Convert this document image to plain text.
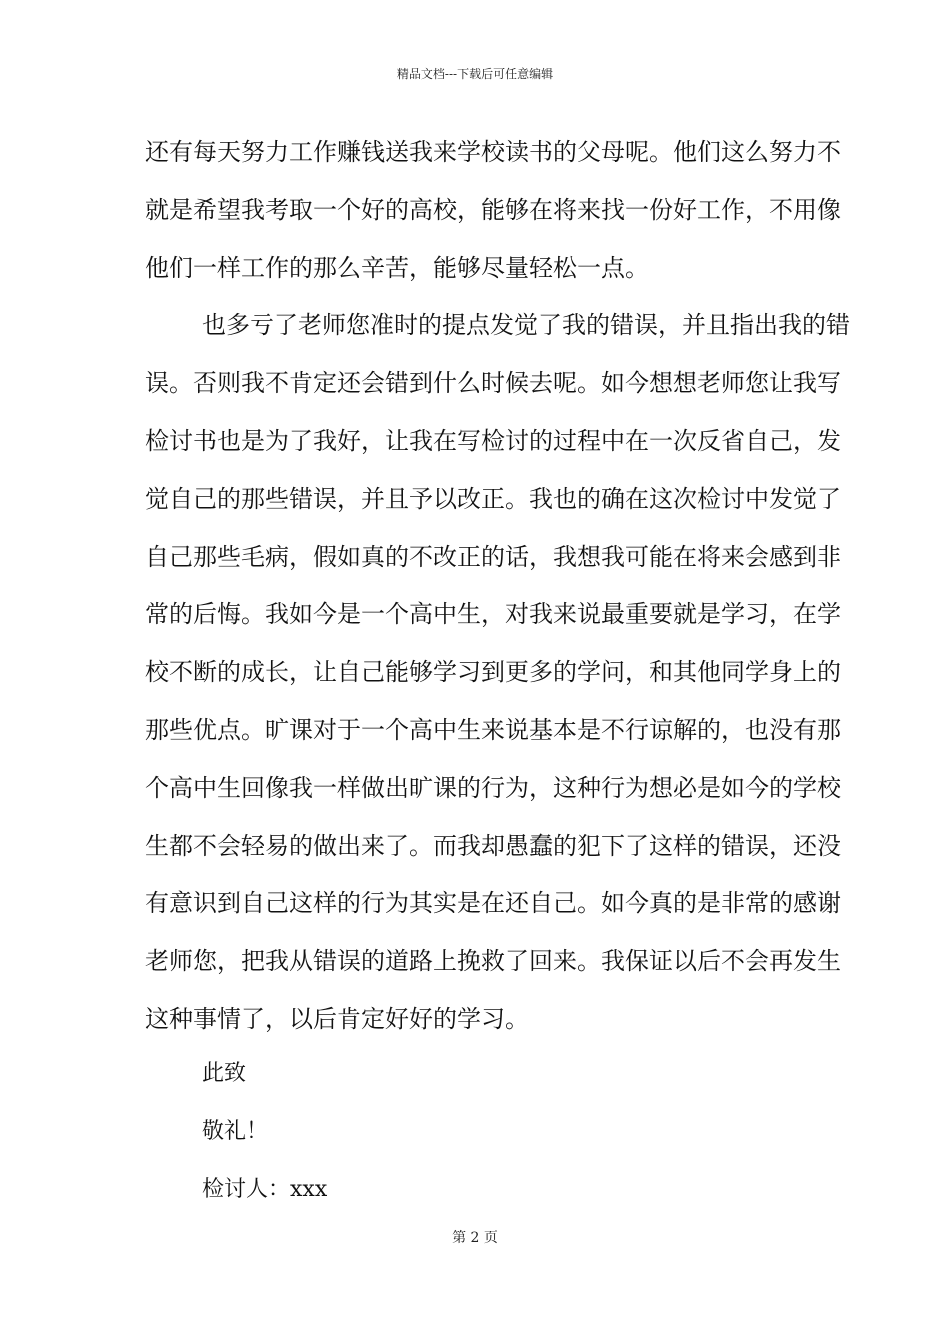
精品文档---下载后可任意编辑
还有每天努力工作赚钱送我来学校读书的父母呢。他们这么努力不
就是希望我考取一个好的高校，能够在将来找一份好工作，不用像
他们一样工作的那么辛苦，能够尽量轻松一点。
也多亏了老师您准时的提点发觉了我的错误，并且指出我的错
误。否则我不肯定还会错到什么时候去呢。如今想想老师您让我写
检讨书也是为了我好，让我在写检讨的过程中在一次反省自己，发
觉自己的那些错误，并且予以改正。我也的确在这次检讨中发觉了
自己那些毛病，假如真的不改正的话，我想我可能在将来会感到非
常的后悔。我如今是一个高中生，对我来说最重要就是学习，在学
校不断的成长，让自己能够学习到更多的学问，和其他同学身上的
那些优点。旷课对于一个高中生来说基本是不行谅解的，也没有那
个高中生回像我一样做出旷课的行为，这种行为想必是如今的学校
生都不会轻易的做出来了。而我却愚蠢的犯下了这样的错误，还没
有意识到自己这样的行为其实是在还自己。如今真的是非常的感谢
老师您，把我从错误的道路上挽救了回来。我保证以后不会再发生
这种事情了，以后肯定好好的学习。
此致
敬礼！
检讨人：xxx
第 2 页
